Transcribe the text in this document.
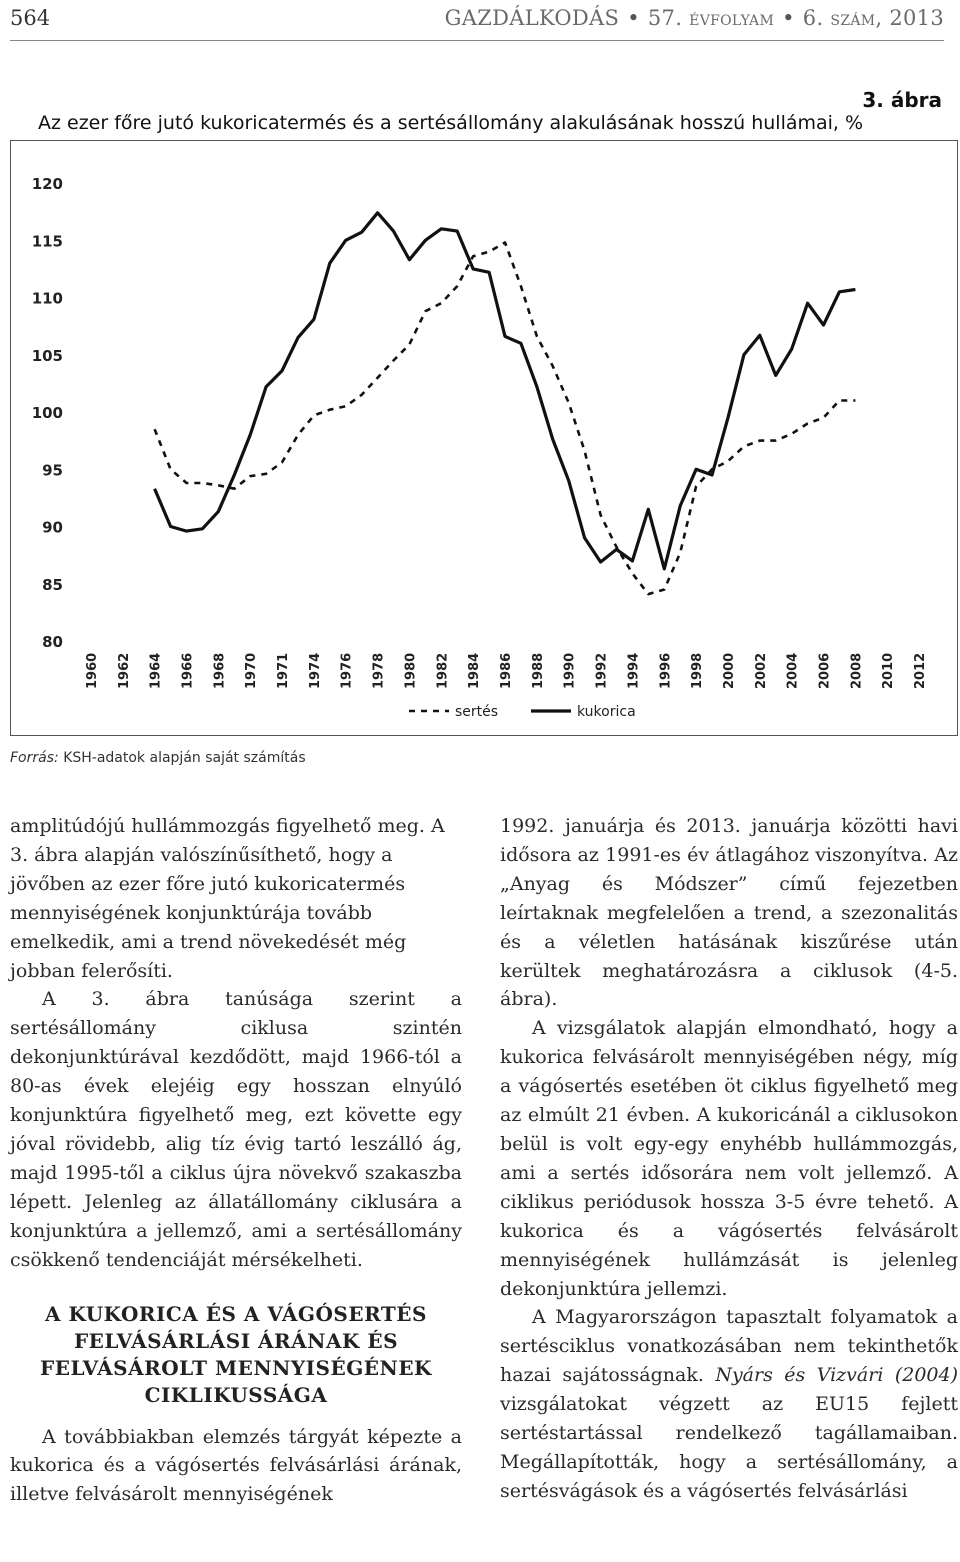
564	GAZDÁLKODÁS • 57. ÉVFOLYAM • 6. SZÁM, 2013
3. ábra
Az ezer főre jutó kukoricatermés és a sertésállomány alakulásának hosszú hullámai, %
120
115
110
105
100
95
90
85
80
1960 1962 1964 1966 1968 1970 1971 1974 1976 1978 1980 1982 1984 1986 1988 1990 1992 1994 1996 1998 2000 2002 2004 2006 2008 2010 2012
sertés	kukorica
Forrás: KSH-adatok alapján saját számítás

amplitúdójú hullámmozgás figyelhető meg. A 3. ábra alapján valószínűsíthető, hogy a jövőben az ezer főre jutó kukoricatermés mennyiségének konjunktúrája tovább emelkedik, ami a trend növekedését még jobban felerősíti.

A 3. ábra tanúsága szerint a sertésállomány ciklusa szintén dekonjunktúrával kezdődött, majd 1966-tól a 80-as évek elejéig egy hosszan elnyúló konjunktúra figyelhető meg, ezt követte egy jóval rövidebb, alig tíz évig tartó leszálló ág, majd 1995-től a ciklus újra növekvő szakaszba lépett. Jelenleg az állatállomány ciklusára a konjunktúra a jellemző, ami a sertésállomány csökkenő tendenciáját mérsékelheti.

A KUKORICA ÉS A VÁGÓSERTÉS FELVÁSÁRLÁSI ÁRÁNAK ÉS FELVÁSÁROLT MENNYISÉGÉNEK CIKLIKUSSÁGA

A továbbiakban elemzés tárgyát képezte a kukorica és a vágósertés felvásárlási árának, illetve felvásárolt mennyiségének

1992. januárja és 2013. januárja közötti havi idősora az 1991-es év átlagához viszonyítva. Az „Anyag és Módszer” című fejezetben leírtaknak megfelelően a trend, a szezonalitás és a véletlen hatásának kiszűrése után kerültek meghatározásra a ciklusok (4-5. ábra).

A vizsgálatok alapján elmondható, hogy a kukorica felvásárolt mennyiségében négy, míg a vágósertés esetében öt ciklus figyelhető meg az elmúlt 21 évben. A kukoricánál a ciklusokon belül is volt egy-egy enyhébb hullámmozgás, ami a sertés idősorára nem volt jellemző. A ciklikus periódusok hossza 3-5 évre tehető. A kukorica és a vágósertés felvásárolt mennyiségének hullámzását is jelenleg dekonjunktúra jellemzi.

A Magyarországon tapasztalt folyamatok a sertésciklus vonatkozásában nem tekinthetők hazai sajátosságnak. Nyárs és Vizvári (2004) vizsgálatokat végzett az EU15 fejlett sertéstartással rendelkező tagállamaiban. Megállapították, hogy a sertésállomány, a sertésvágások és a vágósertés felvásárlási
